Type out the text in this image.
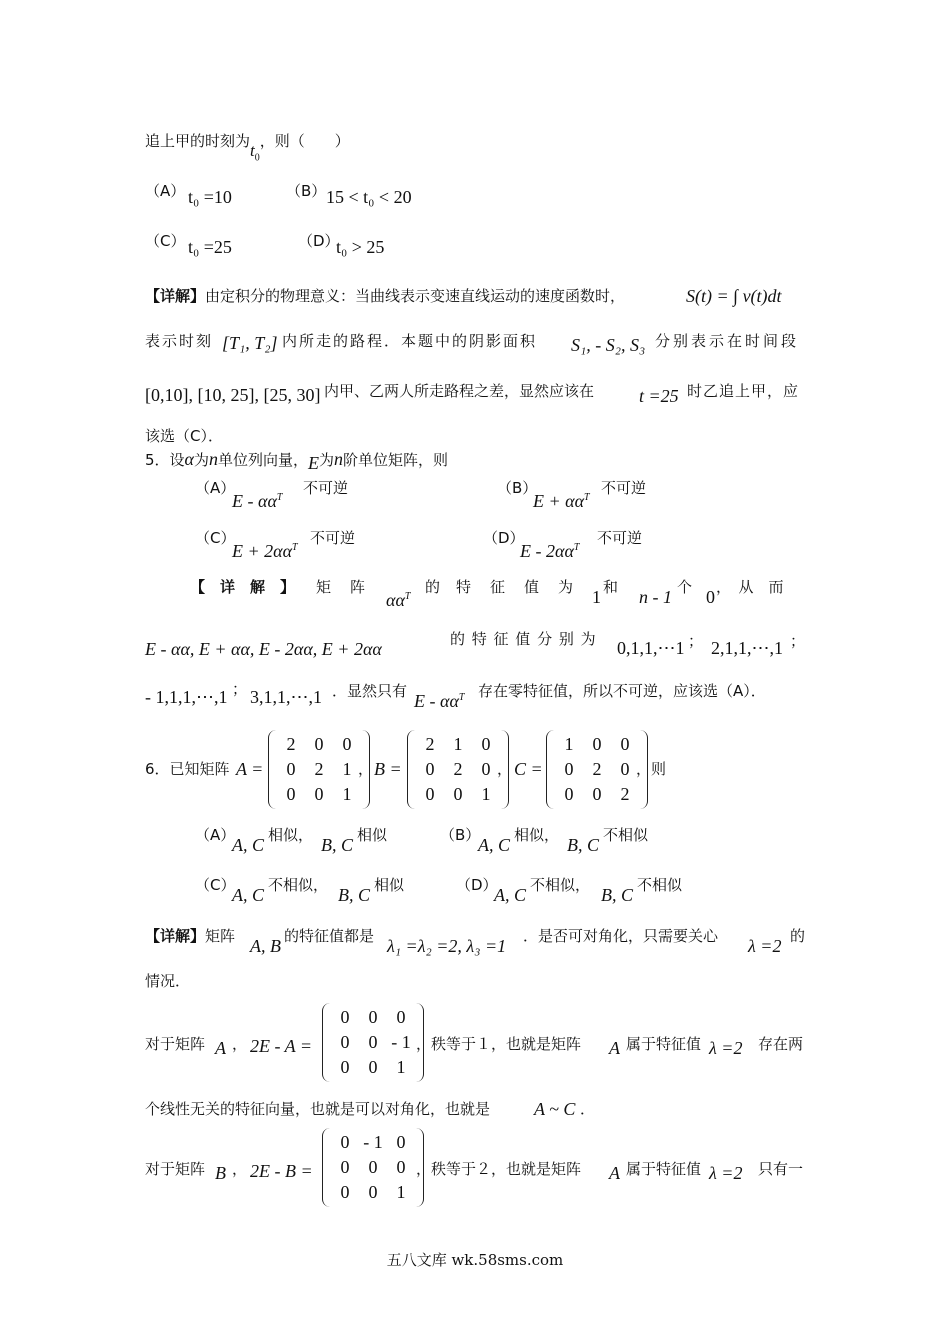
追上甲的时刻为$t_0$，则（　　）
（A） t₀ =10	（B） 15 < t₀ < 20
（C） t₀ =25	（D）
t₀ > 25
【详解】由定积分的物理意义：当曲线表示变速直线运动的速度函数时，	S(t) = ∫ v(t)dt
表示时刻 [T₁, T₂] 内所走的路程．本题中的阴影面积 S₁, - S₂, S₃ 分别表示在时间段
[0,10], [10, 25], [25, 30] 内甲、乙两人所走路程之差，显然应该在 t =25 时乙追上甲，应
该选（C）．
5．设α为n单位列向量，E为n阶单位矩阵，则
（A）
E - $\alpha\alpha^T$
不可逆	（B）
$E + \alpha\alpha^T$
不可逆
（C）
$E + 2\alpha\alpha^T$
不可逆	（D）
E - $2\alpha\alpha^T$
不可逆
【　详　解　】 矩 阵
$\alpha\alpha^T$
的 特 征 值 为 1 和 n - 1 个 0 ，　从　而
E - αα, E + αα, E - 2αα, E + 2αα	的 特 征 值 分 别 为 0,1,1,⋯1 ； 2,1,1,⋯,1 ；
- 1,1,1,⋯,1 ； 3,1,1,⋯,1 ．显然只有 E - $\alpha\alpha^T$ 存在零特征值，所以不可逆，应该选（A）．
6．已知矩阵 A =
2	0	0
0	2	1
0	0	1
， B =
2	1	0
0	2	0
0	0	1
， C =
1	0	0
0	2	0
0	0	2
，则
（A）
A, C 相似， B, C 相似	（B）
A, C 相似， B, C 不相似
（C）
A, C 不相似， B, C 相似	（D）
A, C 不相似， B, C 不相似
【详解】矩阵 A, B 的特征值都是 λ₁ =λ₂ =2, λ₃ =1 ．是否可对角化，只需要关心 λ =2 的
情况．
对于矩阵 A ， 2E - A =
0	0	0
0	0	- 1
0	0	1
，秩等于１，也就是矩阵 A 属于特征值 λ =2 存在两
个线性无关的特征向量，也就是可以对角化，也就是 A ~ C ．
对于矩阵 B ， 2E - B =
0	- 1	0
0	0	0
0	0	1
，秩等于２，也就是矩阵 A 属于特征值 λ =2 只有一
五八文库 wk.58sms.com
